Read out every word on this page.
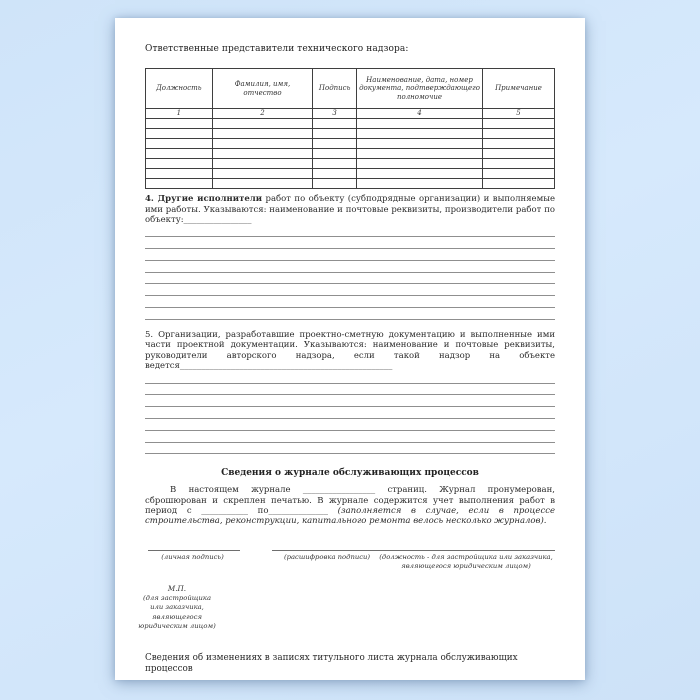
Ответственные представители технического надзора:

Должность	Фамилия, имя, отчество	Подпись	Наименование, дата, номер документа, подтверждающего полномочие	Примечание
1	2	3	4	5

4. Другие исполнители работ по объекту (субподрядные организации) и выполняемые ими работы. Указываются: наименование и почтовые реквизиты, производители работ по объекту:________________

5. Организации, разработавшие проектно-сметную документацию и выполненные ими части проектной документации. Указываются: наименование и почтовые реквизиты, руководители авторского надзора, если такой надзор на объекте ведется__________________________________________________

Сведения о журнале обслуживающих процессов

В настоящем журнале _________________ страниц. Журнал пронумерован, сброшюрован и скреплен печатью. В журнале содержится учет выполнения работ в период с ___________ по______________ (заполняется в случае, если в процессе строительства, реконструкции, капитального ремонта велось несколько журналов).

(личная подпись)	(расшифровка подписи)	(должность - для застройщика или заказчика, являющегося юридическим лицом)
М.П.
(для застройщика или заказчика, являющегося юридическим лицом)

Сведения об изменениях в записях титульного листа журнала обслуживающих процессов
